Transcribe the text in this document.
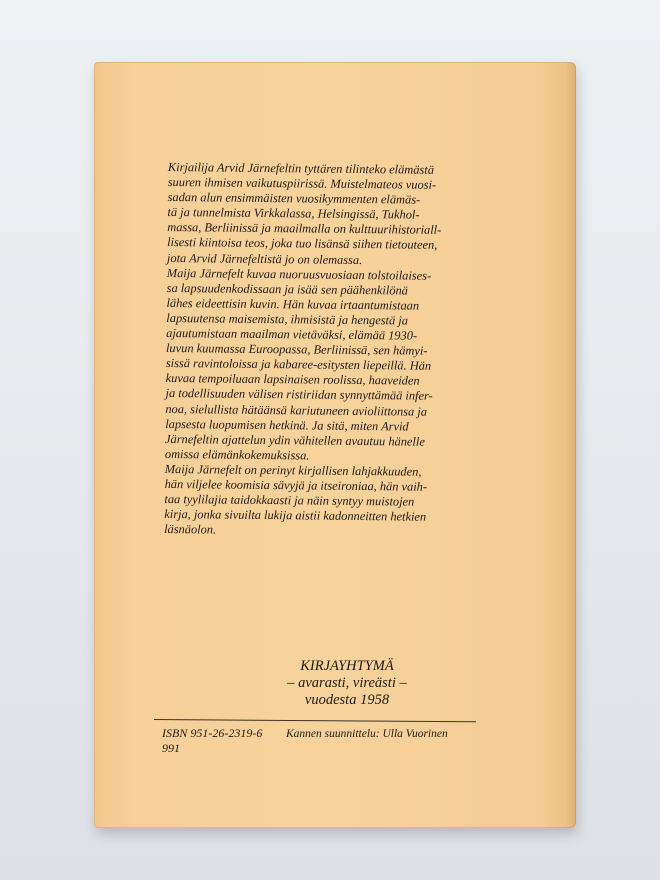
Kirjailija Arvid Järnefeltin tyttären tilinteko elämästä
suuren ihmisen vaikutuspiirissä. Muistelmateos vuosi-
sadan alun ensimmäisten vuosikymmenten elämäs-
tä ja tunnelmista Virkkalassa, Helsingissä, Tukhol-
massa, Berliinissä ja maailmalla on kulttuurihistoriall-
lisesti kiintoisa teos, joka tuo lisänsä siihen tietouteen,
jota Arvid Järnefeltistä jo on olemassa.
Maija Järnefelt kuvaa nuoruusvuosiaan tolstoilaises-
sa lapsuudenkodissaan ja isää sen päähenkilönä
lähes eideettisin kuvin. Hän kuvaa irtaantumistaan
lapsuutensa maisemista, ihmisistä ja hengestä ja
ajautumistaan maailman vietäväksi, elämää 1930-
luvun kuumassa Euroopassa, Berliinissä, sen hämyi-
sissä ravintoloissa ja kabaree-esitysten liepeillä. Hän
kuvaa tempoiluaan lapsinaisen roolissa, haaveiden
ja todellisuuden välisen ristiriidan synnyttämää infer-
noa, sielullista hätäänsä kariutuneen avioliittonsa ja
lapsesta luopumisen hetkinä. Ja sitä, miten Arvid
Järnefeltin ajattelun ydin vähitellen avautuu hänelle
omissa elämänkokemuksissa.
Maija Järnefelt on perinyt kirjallisen lahjakkuuden,
hän viljelee koomisia sävyjä ja itseironiaa, hän vaih-
taa tyylilajia taidokkaasti ja näin syntyy muistojen
kirja, jonka sivuilta lukija aistii kadonneitten hetkien
läsnäolon.
KIRJAYHTYMÄ
– avarasti, vireästi –
vuodesta 1958
ISBN 951-26-2319-6
991
Kannen suunnittelu: Ulla Vuorinen
